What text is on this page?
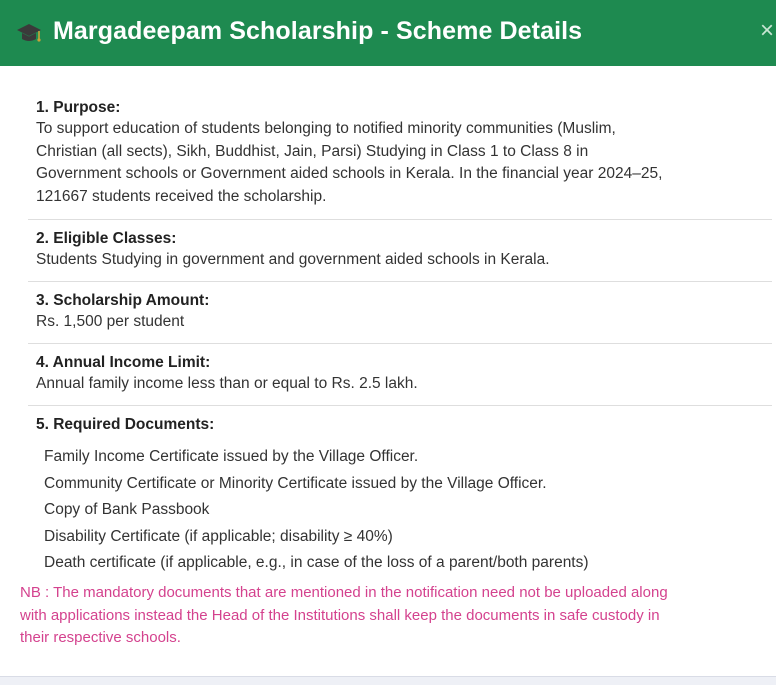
Margadeepam Scholarship - Scheme Details	×
1. Purpose:
To support education of students belonging to notified minority communities (Muslim,
Christian (all sects), Sikh, Buddhist, Jain, Parsi) Studying in Class 1 to Class 8 in
Government schools or Government aided schools in Kerala. In the financial year 2024–25,
121667 students received the scholarship.
2. Eligible Classes:
Students Studying in government and government aided schools in Kerala.
3. Scholarship Amount:
Rs. 1,500 per student
4. Annual Income Limit:
Annual family income less than or equal to Rs. 2.5 lakh.
5. Required Documents:
Family Income Certificate issued by the Village Officer.
Community Certificate or Minority Certificate issued by the Village Officer.
Copy of Bank Passbook
Disability Certificate (if applicable; disability ≥ 40%)
Death certificate (if applicable, e.g., in case of the loss of a parent/both parents)
NB : The mandatory documents that are mentioned in the notification need not be uploaded along
with applications instead the Head of the Institutions shall keep the documents in safe custody in
their respective schools.
